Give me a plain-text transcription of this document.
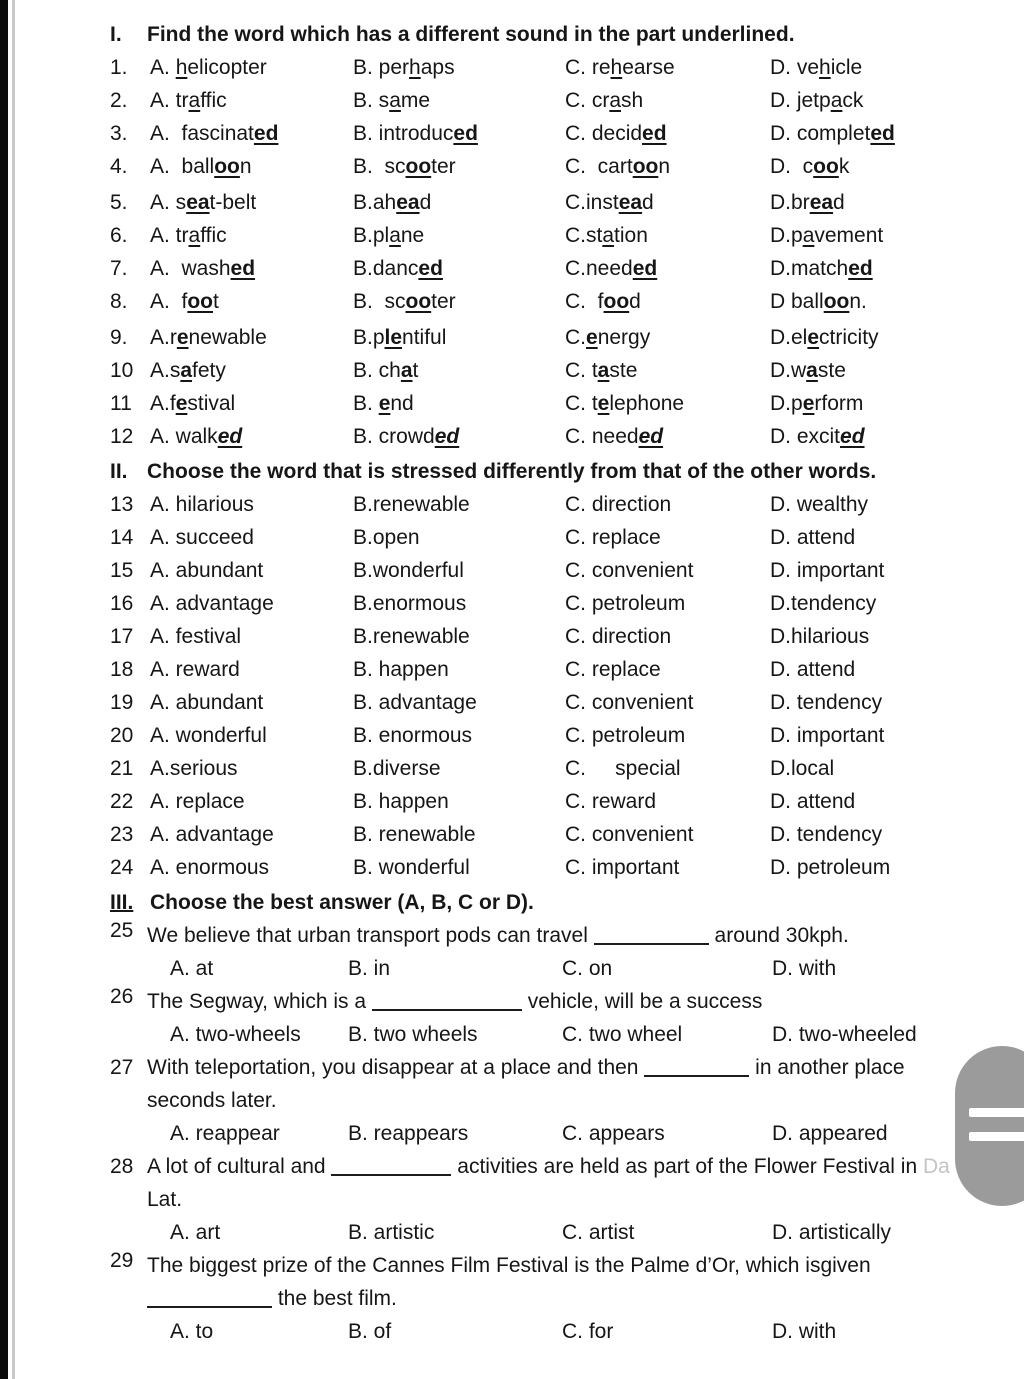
I.	Find the word which has a different sound in the part underlined.
1.	A. helicopter	B. perhaps	C. rehearse	D. vehicle
2.	A. traffic	B. same	C. crash	D. jetpack
3.	A.  fascinated	B. introduced	C. decided	D. completed
4.	A.  balloon	B.  scooter	C.  cartoon	D.  cook
5.	A. seat-belt	B.ahead	C.instead	D.bread
6.	A. traffic	B.plane	C.station	D.pavement
7.	A.  washed	B.danced	C.needed	D.matched
8.	A.  foot	B.  scooter	C.  food	D balloon.
9.	A.renewable	B.plentiful	C.energy	D.electricity
10 A.safety	B. chat	C. taste	D.waste
11 A.festival	B. end	C. telephone	D.perform
12 A. walked	B. crowded	C. needed	D. excited
II. Choose the word that is stressed differently from that of the other words.
13 A. hilarious	B.renewable	C. direction	D. wealthy
14 A. succeed	B.open	C. replace	D. attend
15 A. abundant	B.wonderful	C. convenient	D. important
16 A. advantage	B.enormous	C. petroleum	D.tendency
17 A. festival	B.renewable	C. direction	D.hilarious
18 A. reward	B. happen	C. replace	D. attend
19 A. abundant	B. advantage	C. convenient	D. tendency
20 A. wonderful	B. enormous	C. petroleum	D. important
21 A.serious	B.diverse	C.     special	D.local
22 A. replace	B. happen	C. reward	D. attend
23 A. advantage	B. renewable	C. convenient	D. tendency
24 A. enormous	B. wonderful	C. important	D. petroleum
III. Choose the best answer (A, B, C or D).
25 We believe that urban transport pods can travel	around 30kph.
A. at	B. in	C. on	D. with
26 The Segway, which is a	vehicle, will be a success
A. two-wheels	B. two wheels	C. two wheel	D. two-wheeled
27 With teleportation, you disappear at a place and then	in another place
seconds later.
A. reappear	B. reappears	C. appears	D. appeared
28 A lot of cultural and	activities are held as part of the Flower Festival in Da
Lat.
A. art	B. artistic	C. artist	D. artistically
29 The biggest prize of the Cannes Film Festival is the Palme d’Or, which isgiven
the best film.
A. to	B. of	C. for	D. with
